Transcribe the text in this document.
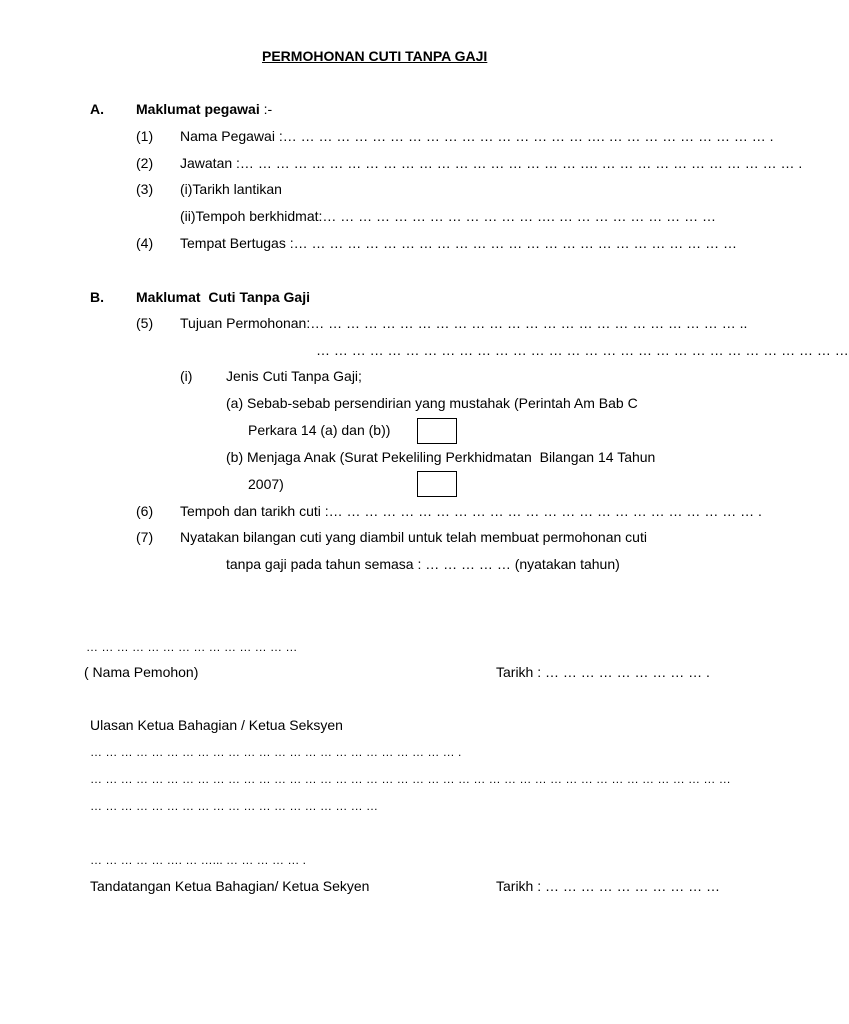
PERMOHONAN CUTI TANPA GAJI
A. Maklumat pegawai :-
(1) Nama Pegawai :… … … … … … … … … … … … … … … … … …. … … … … … … … … … .
(2) Jawatan :… … … … … … … … … … … … … … … … … … … …. … … … … … … … … … … … .
(3) (i)Tarikh lantikan
(ii)Tempoh berkhidmat:… … … … … … … … … … … … …. … … … … … … … … …
(4) Tempat Bertugas :… … … … … … … … … … … … … … … … … … … … … … … … …
B. Maklumat  Cuti Tanpa Gaji
(5) Tujuan Permohonan:… … … … … … … … … … … … … … … … … … … … … … … … ..
… … … … … … … … … … … … … … … … … … … … … … … … … … … … … …
(i) Jenis Cuti Tanpa Gaji;
(a) Sebab-sebab persendirian yang mustahak (Perintah Am Bab C
Perkara 14 (a) dan (b))
(b) Menjaga Anak (Surat Pekeliling Perkhidmatan  Bilangan 14 Tahun
2007)
(6) Tempoh dan tarikh cuti :… … … … … … … … … … … … … … … … … … … … … … … … .
(7) Nyatakan bilangan cuti yang diambil untuk telah membuat permohonan cuti
tanpa gaji pada tahun semasa : … … … … … (nyatakan tahun)
… … … … … … … … … … … … … …
( Nama Pemohon)	Tarikh : … … … … … … … … … .
Ulasan Ketua Bahagian / Ketua Seksyen
… … … … … … … … … … … … … … … … … … … … … … … … .
… … … … … … … … … … … … … … … … … … … … … … … … … … … … … … … … … … … … … … … … … …
… … … … … … … … … … … … … … … … … … …
… … … … … …. … …... … … … … … .
Tandatangan Ketua Bahagian/ Ketua Sekyen	Tarikh : … … … … … … … … … …
